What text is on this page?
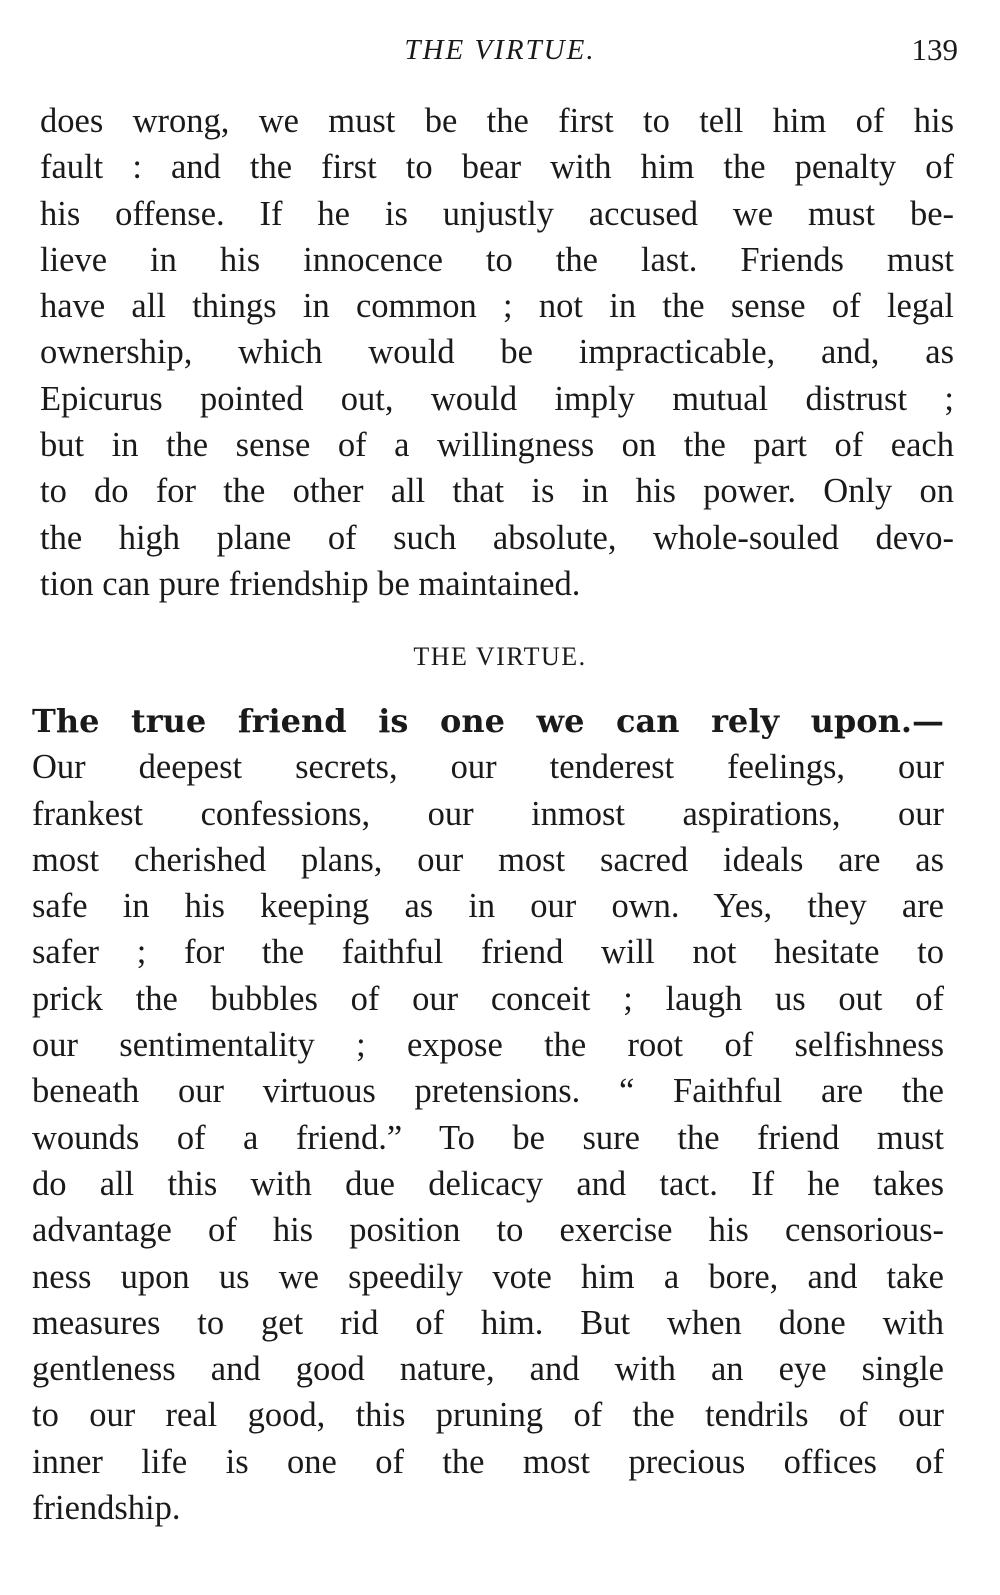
THE VIRTUE.	139
does wrong, we must be the first to tell him of his
fault : and the first to bear with him the penalty of
his offense. If he is unjustly accused we must be-
lieve in his innocence to the last. Friends must
have all things in common ; not in the sense of legal
ownership, which would be impracticable, and, as
Epicurus pointed out, would imply mutual distrust ;
but in the sense of a willingness on the part of each
to do for the other all that is in his power. Only on
the high plane of such absolute, whole-souled devo-
tion can pure friendship be maintained.
THE VIRTUE.
The true friend is one we can rely upon.—
Our deepest secrets, our tenderest feelings, our
frankest confessions, our inmost aspirations, our
most cherished plans, our most sacred ideals are as
safe in his keeping as in our own. Yes, they are
safer ; for the faithful friend will not hesitate to
prick the bubbles of our conceit ; laugh us out of
our sentimentality ; expose the root of selfishness
beneath our virtuous pretensions. “ Faithful are the
wounds of a friend.” To be sure the friend must
do all this with due delicacy and tact. If he takes
advantage of his position to exercise his censorious-
ness upon us we speedily vote him a bore, and take
measures to get rid of him. But when done with
gentleness and good nature, and with an eye single
to our real good, this pruning of the tendrils of our
inner life is one of the most precious offices of
friendship.
